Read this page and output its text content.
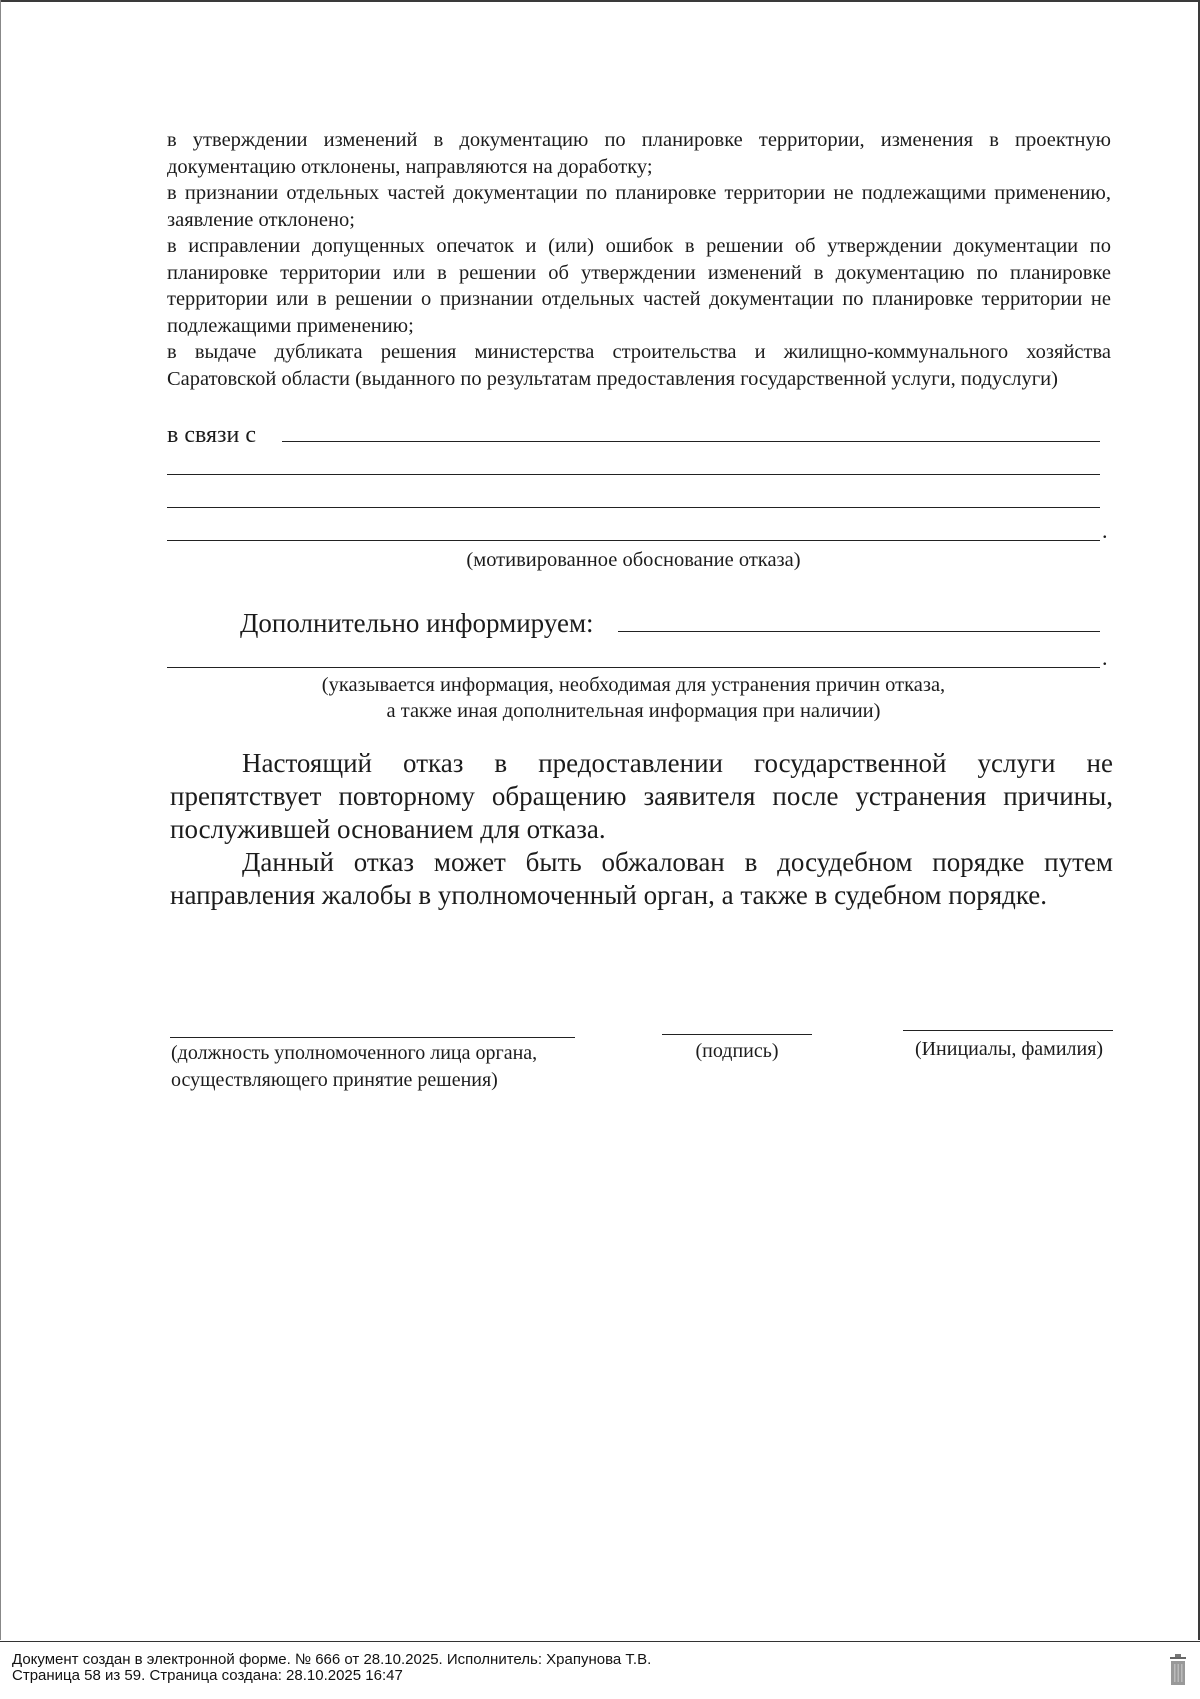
в утверждении изменений в документацию по планировке территории, изменения в проектную документацию отклонены, направляются на доработку;

в признании отдельных частей документации по планировке территории не подлежащими применению, заявление отклонено;

в исправлении допущенных опечаток и (или) ошибок в решении об утверждении документации по планировке территории или в решении об утверждении изменений в документацию по планировке территории или в решении о признании отдельных частей документации по планировке территории не подлежащими применению;

в выдаче дубликата решения министерства строительства и жилищно-коммунального хозяйства Саратовской области (выданного по результатам предоставления государственной услуги, подуслуги)

в связи с
.
(мотивированное обоснование отказа)
Дополнительно информируем:
.
(указывается информация, необходимая для устранения причин отказа,
а также иная дополнительная информация при наличии)

Настоящий отказ в предоставлении государственной услуги не препятствует повторному обращению заявителя после устранения причины, послужившей основанием для отказа.

Данный отказ может быть обжалован в досудебном порядке путем направления жалобы в уполномоченный орган, а также в судебном порядке.

(должность уполномоченного лица органа,
осуществляющего принятие решения)
(подпись)	(Инициалы, фамилия)
Документ создан в электронной форме. № 666 от 28.10.2025. Исполнитель: Храпунова Т.В.
Страница 58 из 59. Страница создана: 28.10.2025 16:47
